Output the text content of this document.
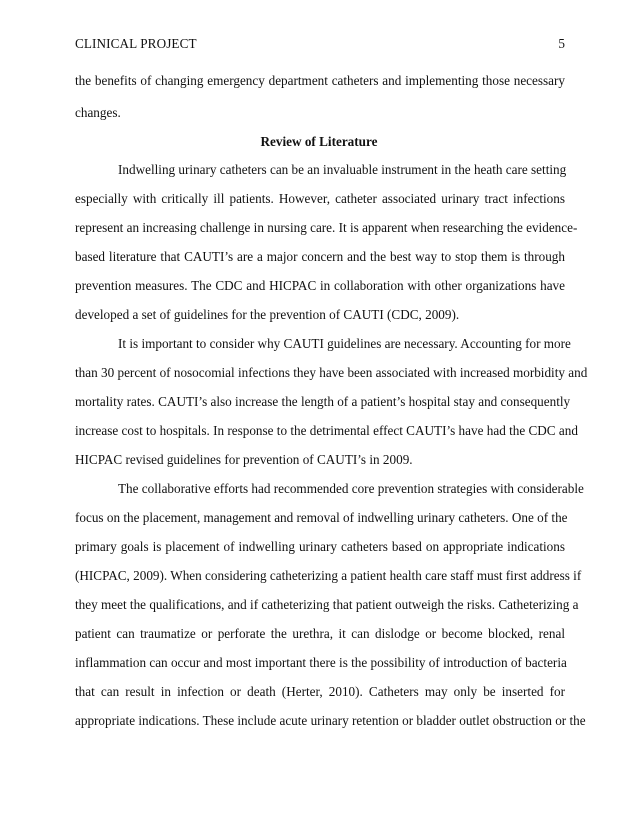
CLINICAL PROJECT	5
the benefits of changing emergency department catheters and implementing those necessary
changes.
Review of Literature
Indwelling urinary catheters can be an invaluable instrument in the heath care setting
especially with critically ill patients. However, catheter associated urinary tract infections
represent an increasing challenge in nursing care. It is apparent when researching the evidence-
based literature that CAUTI’s are a major concern and the best way to stop them is through
prevention measures. The CDC and HICPAC in collaboration with other organizations have
developed a set of guidelines for the prevention of CAUTI (CDC, 2009).
It is important to consider why CAUTI guidelines are necessary. Accounting for more
than 30 percent of nosocomial infections they have been associated with increased morbidity and
mortality rates. CAUTI’s also increase the length of a patient’s hospital stay and consequently
increase cost to hospitals. In response to the detrimental effect CAUTI’s have had the CDC and
HICPAC revised guidelines for prevention of CAUTI’s in 2009.
The collaborative efforts had recommended core prevention strategies with considerable
focus on the placement, management and removal of indwelling urinary catheters. One of the
primary goals is placement of indwelling urinary catheters based on appropriate indications
(HICPAC, 2009). When considering catheterizing a patient health care staff must first address if
they meet the qualifications, and if catheterizing that patient outweigh the risks. Catheterizing a
patient can traumatize or perforate the urethra, it can dislodge or become blocked, renal
inflammation can occur and most important there is the possibility of introduction of bacteria
that can result in infection or death (Herter, 2010). Catheters may only be inserted for
appropriate indications. These include acute urinary retention or bladder outlet obstruction or the
